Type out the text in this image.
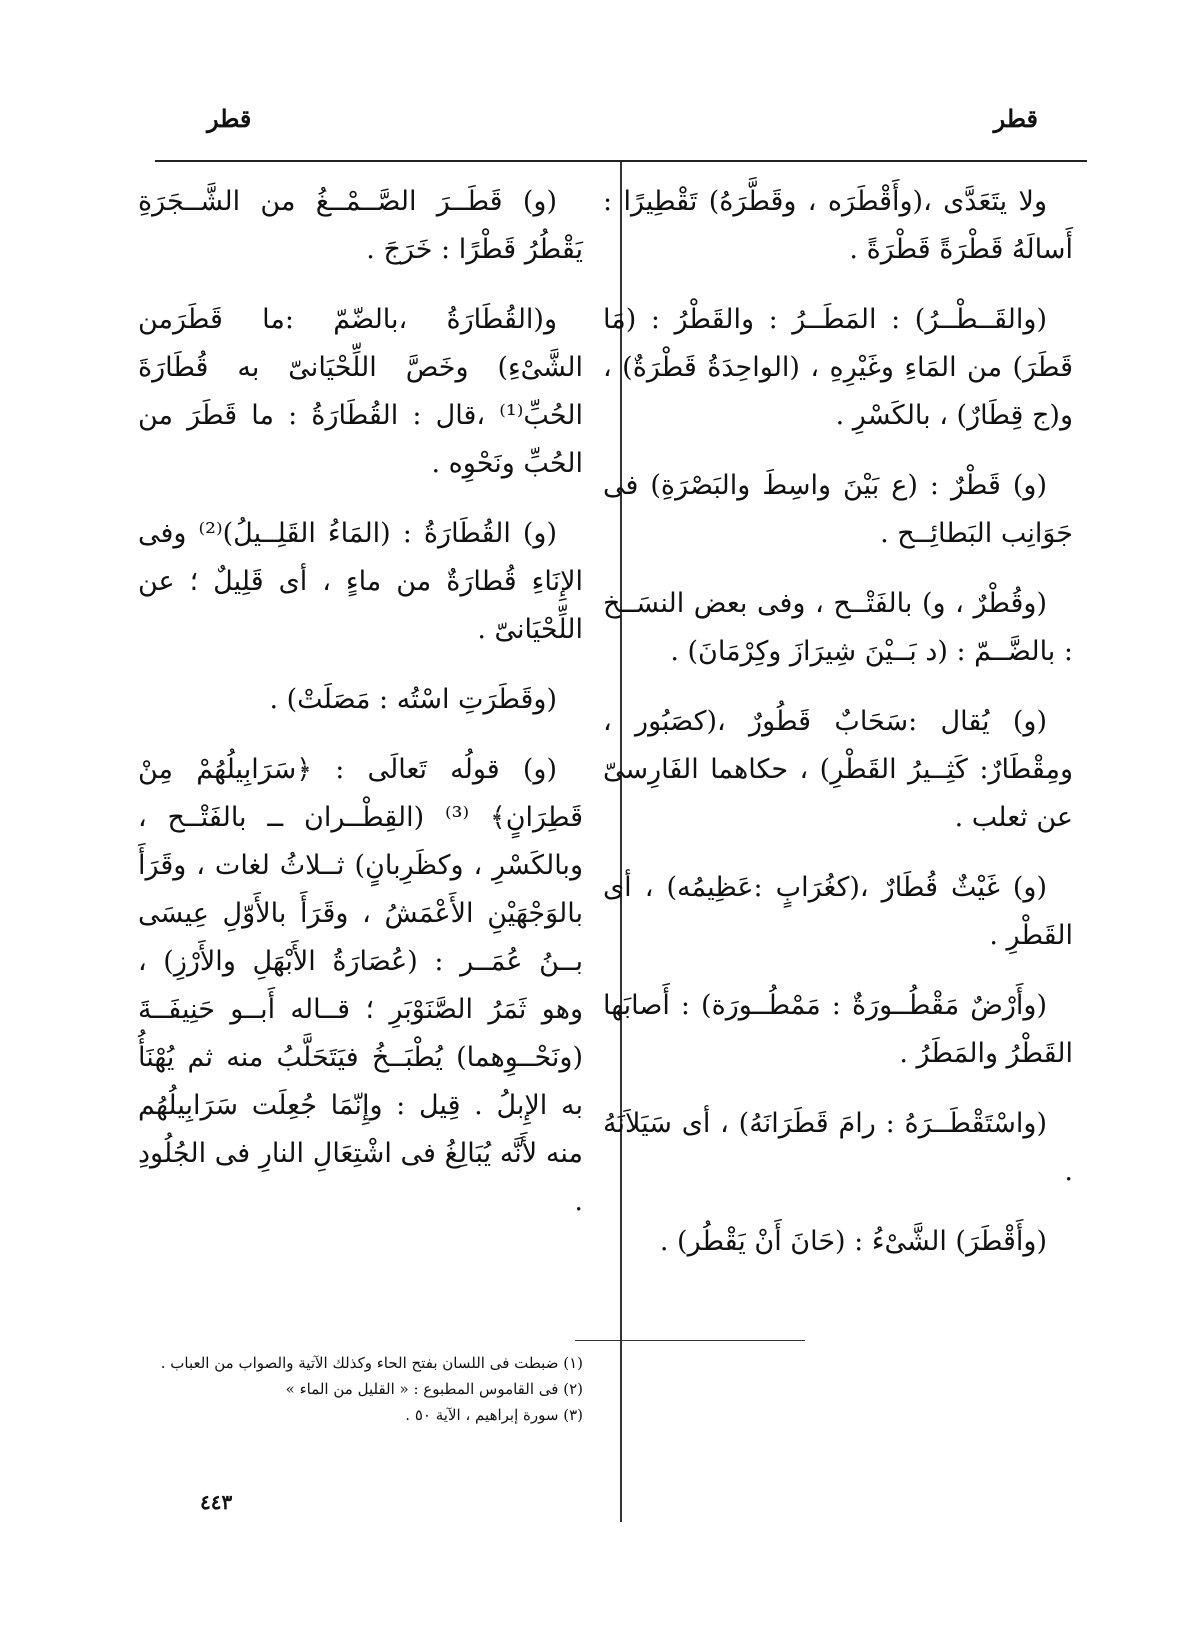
قطر
قطر

ولا يتَعَدَّى ،(وأَقْطَرَه ، وقَطَّرَهُ) تَقْطِيرًا : أَسالَهُ قَطْرَةً قَطْرَةً .

(والقَــطْــرُ) : المَطَــرُ : والقَطْرُ : (مَا قَطَرَ) من المَاءِ وغَيْرِهِ ، (الواحِدَةُ قَطْرَةٌ) ، و(ج قِطَارٌ) ، بالكَسْرِ .

(و) قَطْرٌ : (ع بَيْنَ واسِطَ والبَصْرَةِ) فى جَوَانِب البَطائِــح .

(وقُطْرٌ ، و) بالفَتْــح ، وفى بعض النسَــخ : بالضَّــمّ : (د بَــيْنَ شِيرَازَ وكِرْمَانَ) .

(و) يُقال :سَحَابٌ قَطُورٌ ،(كصَبُور ، ومِقْطَارٌ: كَثِــيرُ القَطْرِ) ، حكاهما الفَارِسىّ عن ثعلب .

(و) غَيْثٌ قُطَارٌ ،(كغُرَابٍ :عَظِيمُه) ، أى القَطْرِ .

(وأَرْضٌ مَقْطُــورَةٌ : مَمْطُــورَة) : أَصابَها القَطْرُ والمَطَرُ .

(واسْتَقْطَــرَهُ : رامَ قَطَرَانَهُ) ، أى سَيَلاَنَهُ .

(وأَقْطَرَ) الشَّىْءُ : (حَانَ أَنْ يَقْطُر) .

(و) قَطَــرَ الصَّــمْــغُ من الشَّــجَرَةِ يَقْطُرُ قَطْرًا : خَرَجَ .

و(القُطَارَةُ ،بالضّمّ :ما قَطَرَمن الشَّىْءِ) وخَصَّ اللِّحْيَانىّ به قُطَارَةَ الحُبِّ⁽¹⁾ ،قال : القُطَارَةُ : ما قَطَرَ من الحُبِّ ونَحْوِه .

(و) القُطَارَةُ : (المَاءُ القَلِــيلُ)⁽²⁾ وفى الإِنَاءِ قُطارَةٌ من ماءٍ ، أى قَلِيلٌ ؛ عن اللِّحْيَانىّ .

(وقَطَرَتِ اسْتُه : مَصَلَتْ) .

(و) قولُه تَعالَى : ﴿سَرَابِيلُهُمْ مِنْ قَطِرَانٍ﴾ ⁽³⁾ (القِطْــران ــ بالفَتْــح ، وبالكَسْرِ ، وكظَرِبانٍ) ثــلاثُ لغات ، وقَرَأَ بالوَجْهَيْنِ الأَعْمَشُ ، وقَرَأَ بالأَوّلِ عِيسَى بــنُ عُمَــر : (عُصَارَةُ الأَبْهَلِ والأَرْزِ) ، وهو ثَمَرُ الصَّنَوْبَرِ ؛ قــاله أَبــو حَنِيفَــةَ (ونَحْــوِهما) يُطْبَــخُ فيَتَحَلَّبُ منه ثم يُهْنَأُ به الإِبلُ . قِيل : وإِنّمَا جُعِلَت سَرَابِيلُهُم منه لأَنَّه يُبَالِغُ فى اشْتِعَالِ النارِ فى الجُلُودِ .

(١) ضبطت فى اللسان بفتح الحاء وكذلك الآتية والصواب من العباب .
(٢) فى القاموس المطبوع : « القليل من الماء »
(٣) سورة إبراهيم ، الآية ٥٠ .
٤٤٣
